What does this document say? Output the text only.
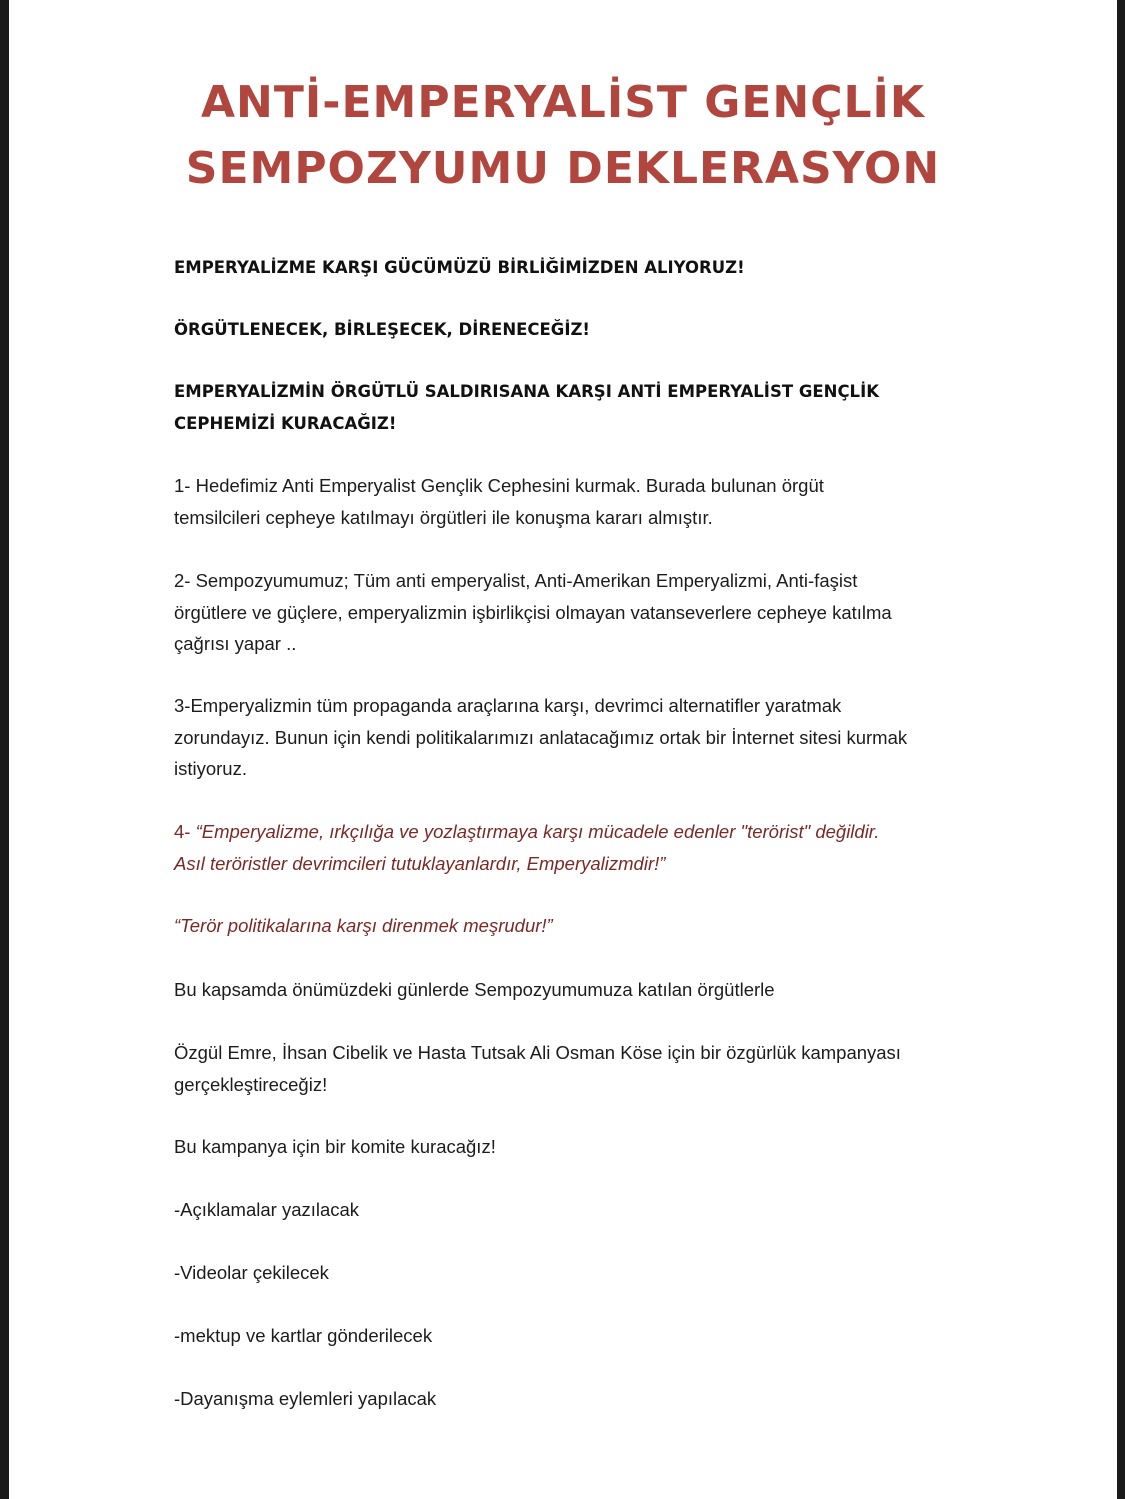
ANTİ-EMPERYALİST GENÇLİK
SEMPOZYUMU DEKLERASYON
EMPERYALİZME KARŞI GÜCÜMÜZÜ BİRLİĞİMİZDEN ALIYORUZ!
ÖRGÜTLENECEK, BİRLEŞECEK, DİRENECEĞİZ!
EMPERYALİZMİN ÖRGÜTLÜ SALDIRISANA KARŞI ANTİ EMPERYALİST GENÇLİK
CEPHEMİZİ KURACAĞIZ!
1- Hedefimiz Anti Emperyalist Gençlik Cephesini kurmak. Burada bulunan örgüt
temsilcileri cepheye katılmayı örgütleri ile konuşma kararı almıştır.
2- Sempozyumumuz; Tüm anti emperyalist, Anti-Amerikan Emperyalizmi, Anti-faşist
örgütlere ve güçlere, emperyalizmin işbirlikçisi olmayan vatanseverlere cepheye katılma
çağrısı yapar ..
3-Emperyalizmin tüm propaganda araçlarına karşı, devrimci alternatifler yaratmak
zorundayız. Bunun için kendi politikalarımızı anlatacağımız ortak bir İnternet sitesi kurmak
istiyoruz.
4- “Emperyalizme, ırkçılığa ve yozlaştırmaya karşı mücadele edenler "terörist" değildir.
Asıl teröristler devrimcileri tutuklayanlardır, Emperyalizmdir!”
“Terör politikalarına karşı direnmek meşrudur!”
Bu kapsamda önümüzdeki günlerde Sempozyumumuza katılan örgütlerle
Özgül Emre, İhsan Cibelik ve Hasta Tutsak Ali Osman Köse için bir özgürlük kampanyası
gerçekleştireceğiz!
Bu kampanya için bir komite kuracağız!
-Açıklamalar yazılacak
-Videolar çekilecek
-mektup ve kartlar gönderilecek
-Dayanışma eylemleri yapılacak
